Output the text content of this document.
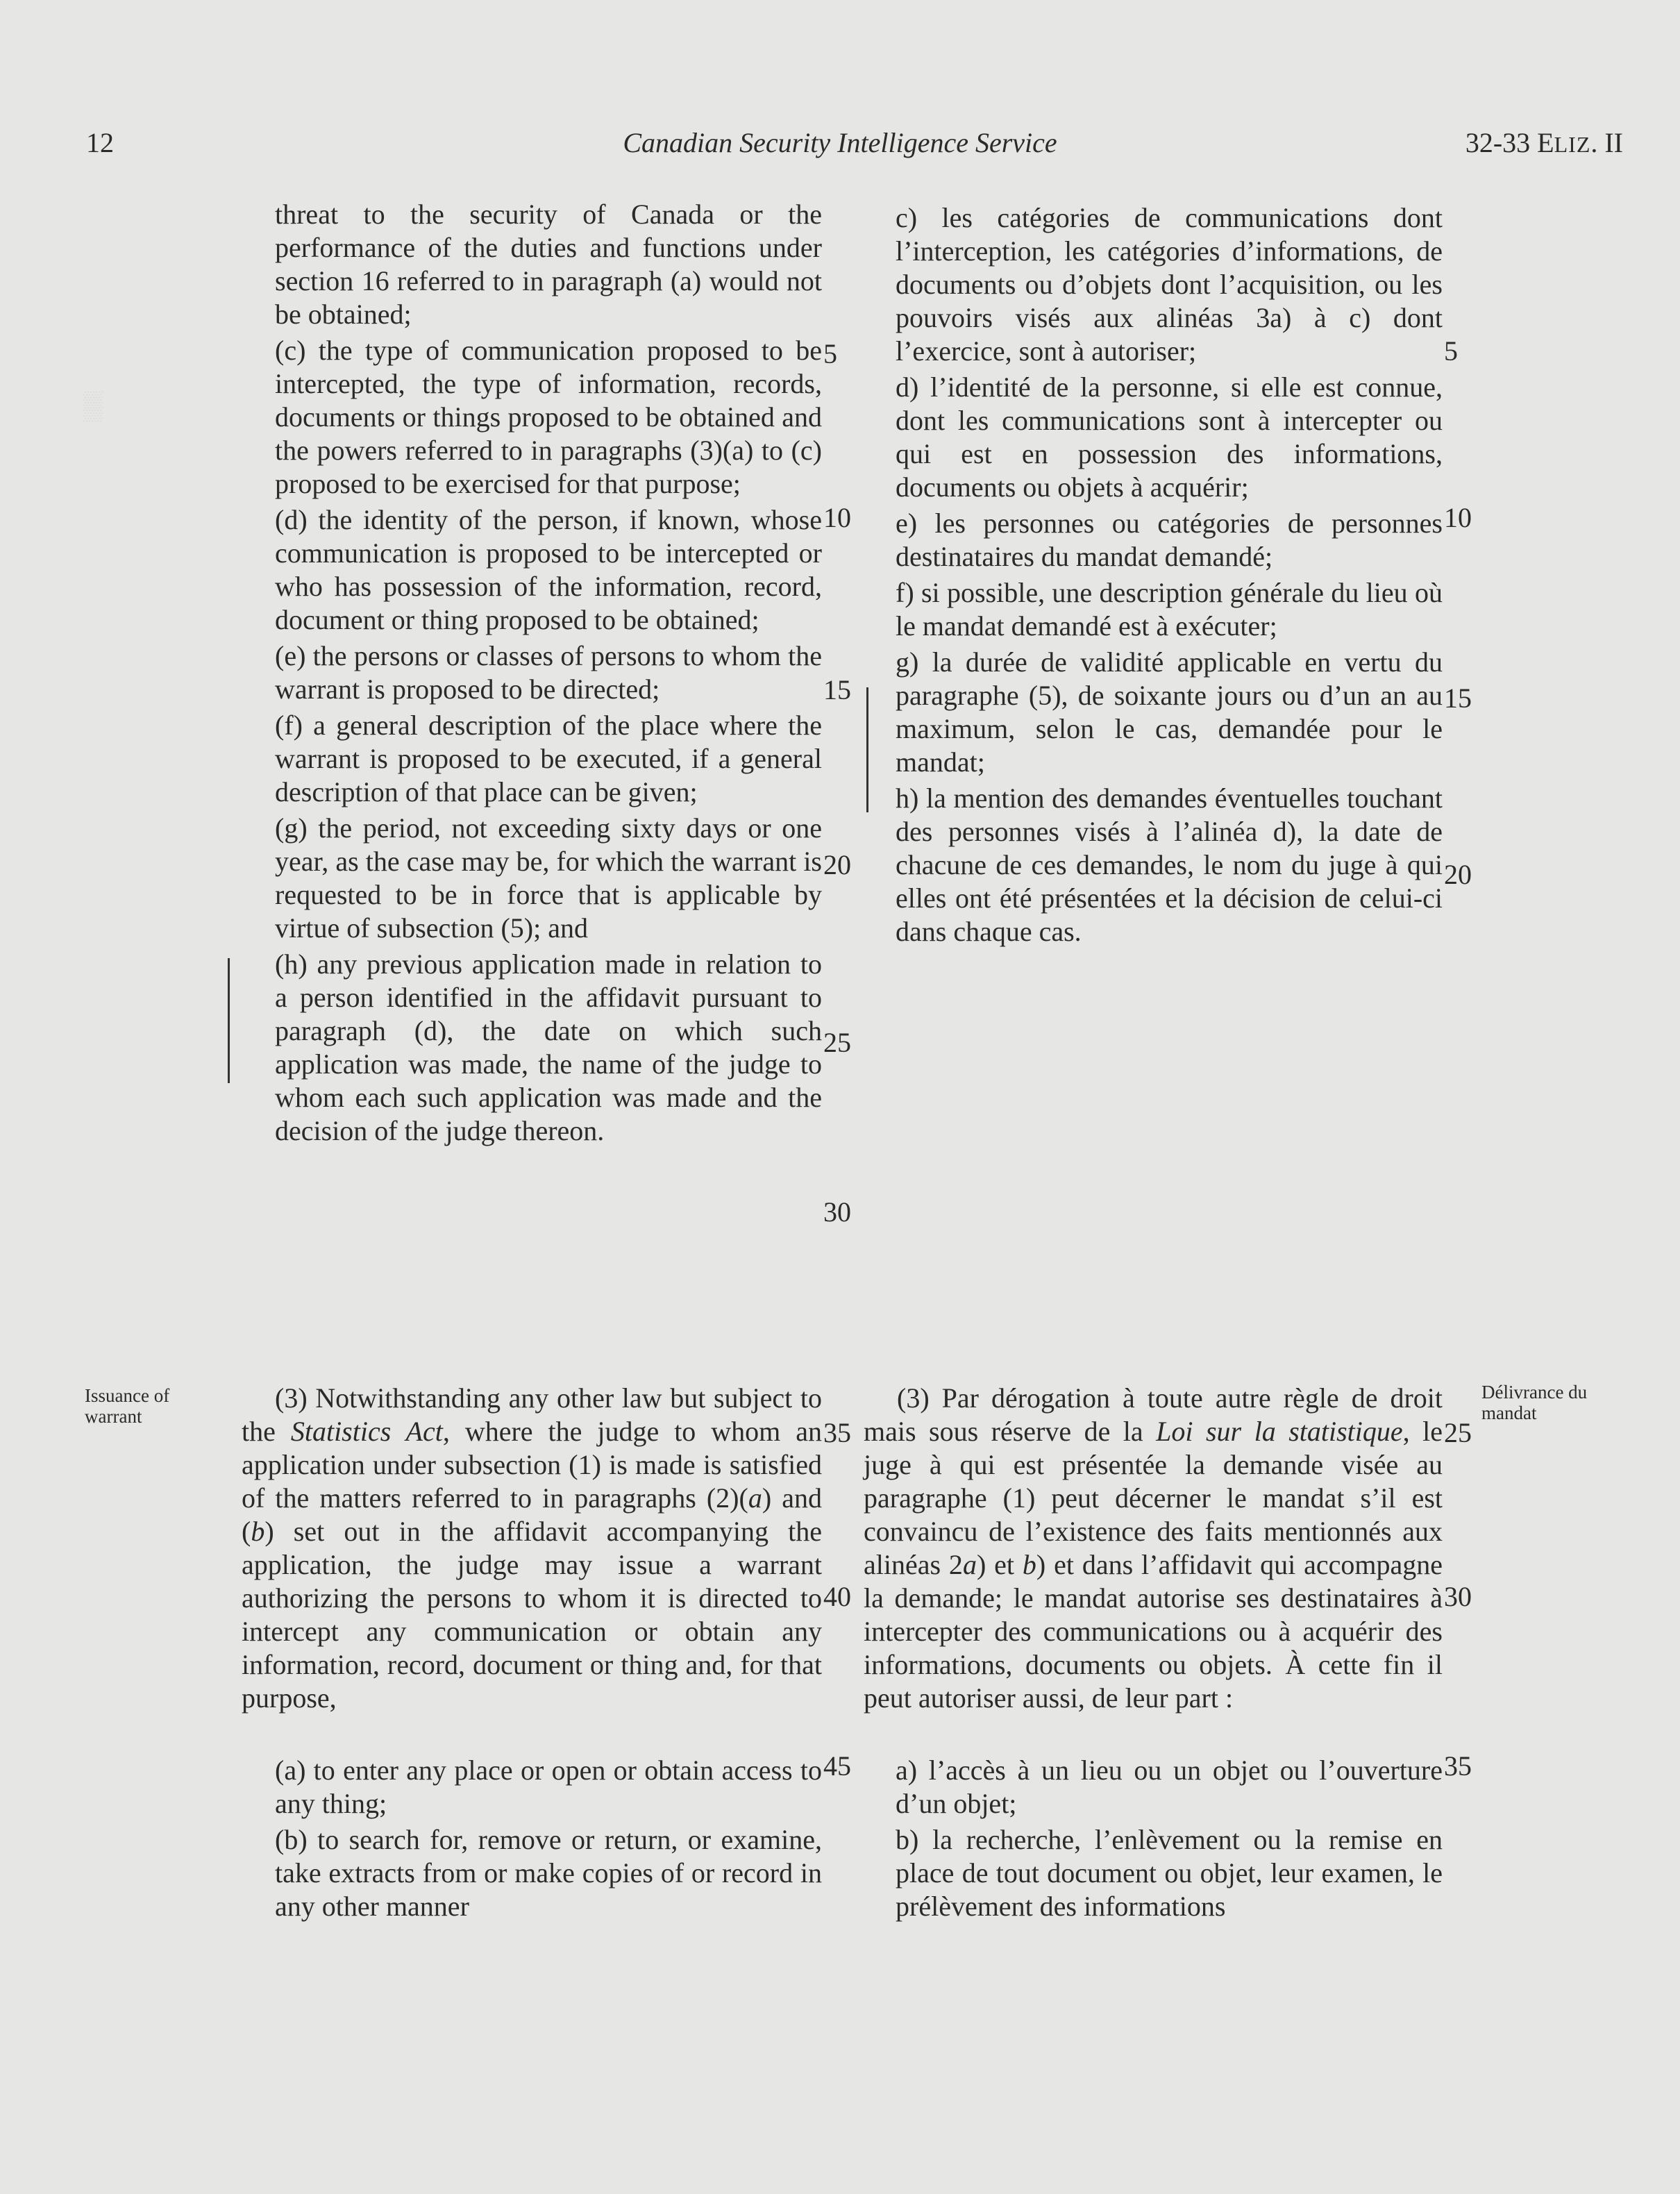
▒
12	Canadian Security Intelligence Service	32-33 ELIZ. II

threat to the security of Canada or the performance of the duties and functions under section 16 referred to in paragraph (a) would not be obtained;

(c) the type of communication proposed to be intercepted, the type of information, records, documents or things proposed to be obtained and the powers referred to in paragraphs (3)(a) to (c) proposed to be exercised for that purpose;

(d) the identity of the person, if known, whose communication is proposed to be intercepted or who has possession of the information, record, document or thing proposed to be obtained;

(e) the persons or classes of persons to whom the warrant is proposed to be directed;

(f) a general description of the place where the warrant is proposed to be executed, if a general description of that place can be given;

(g) the period, not exceeding sixty days or one year, as the case may be, for which the warrant is requested to be in force that is applicable by virtue of subsection (5); and

(h) any previous application made in relation to a person identified in the affidavit pursuant to paragraph (d), the date on which such application was made, the name of the judge to whom each such application was made and the decision of the judge thereon.

c) les catégories de communications dont l’interception, les catégories d’informations, de documents ou d’objets dont l’acquisition, ou les pouvoirs visés aux alinéas 3a) à c) dont l’exercice, sont à autoriser;

d) l’identité de la personne, si elle est connue, dont les communications sont à intercepter ou qui est en possession des informations, documents ou objets à acquérir;

e) les personnes ou catégories de personnes destinataires du mandat demandé;

f) si possible, une description générale du lieu où le mandat demandé est à exécuter;

g) la durée de validité applicable en vertu du paragraphe (5), de soixante jours ou d’un an au maximum, selon le cas, demandée pour le mandat;

h) la mention des demandes éventuelles touchant des personnes visés à l’alinéa d), la date de chacune de ces demandes, le nom du juge à qui elles ont été présentées et la décision de celui-ci dans chaque cas.

Issuance of warrant
Délivrance du mandat

(3) Notwithstanding any other law but subject to the Statistics Act, where the judge to whom an application under subsection (1) is made is satisfied of the matters referred to in paragraphs (2)(a) and (b) set out in the affidavit accompanying the application, the judge may issue a warrant authorizing the persons to whom it is directed to intercept any communication or obtain any information, record, document or thing and, for that purpose,

(a) to enter any place or open or obtain access to any thing;

(b) to search for, remove or return, or examine, take extracts from or make copies of or record in any other manner

(3) Par dérogation à toute autre règle de droit mais sous réserve de la Loi sur la statistique, le juge à qui est présentée la demande visée au paragraphe (1) peut décerner le mandat s’il est convaincu de l’existence des faits mentionnés aux alinéas 2a) et b) et dans l’affidavit qui accompagne la demande; le mandat autorise ses destinataires à intercepter des communications ou à acquérir des informations, documents ou objets. À cette fin il peut autoriser aussi, de leur part :

a) l’accès à un lieu ou un objet ou l’ouverture d’un objet;

b) la recherche, l’enlèvement ou la remise en place de tout document ou objet, leur examen, le prélèvement des informations

5
10
15
20
25
30
35
40
45
5
10
15
20
25
30
35
